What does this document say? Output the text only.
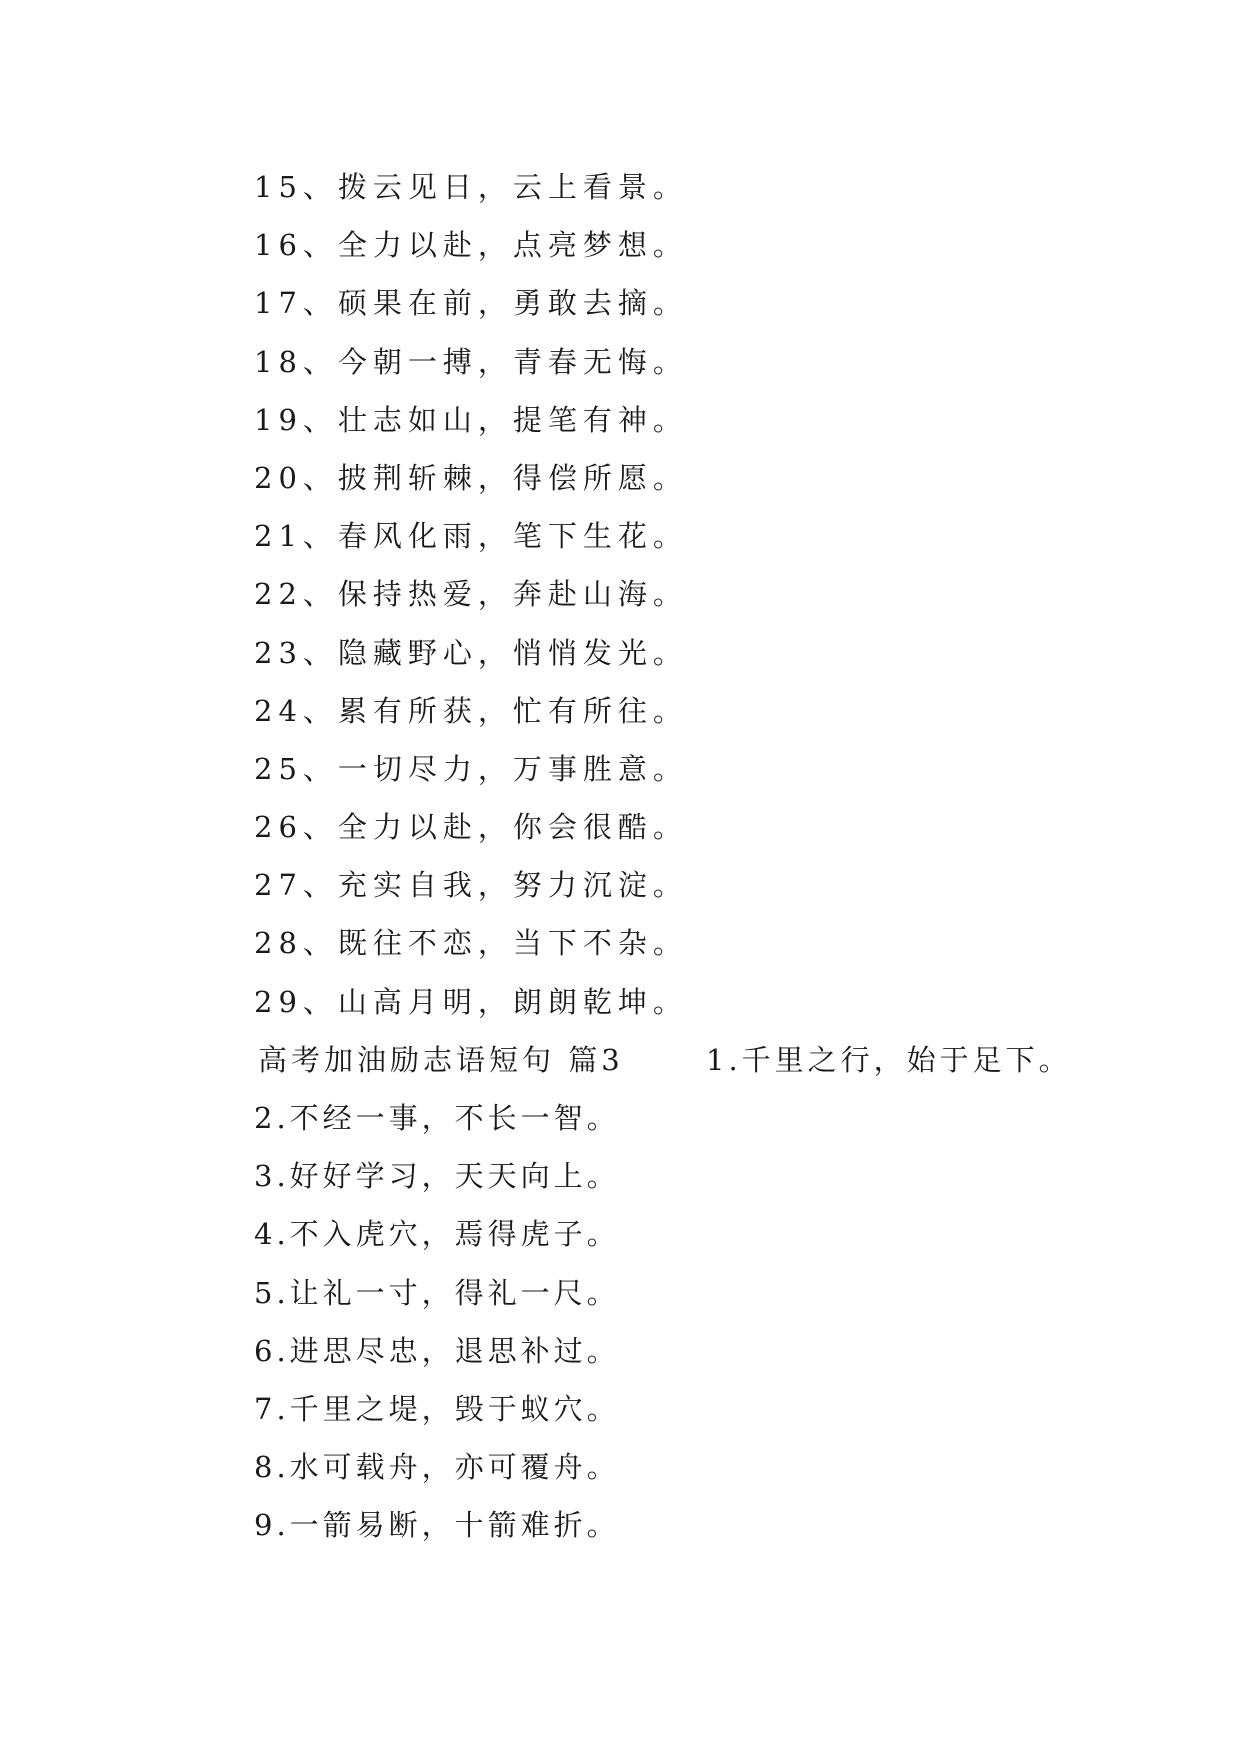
15、拨云见日，云上看景。
16、全力以赴，点亮梦想。
17、硕果在前，勇敢去摘。
18、今朝一搏，青春无悔。
19、壮志如山，提笔有神。
20、披荆斩棘，得偿所愿。
21、春风化雨，笔下生花。
22、保持热爱，奔赴山海。
23、隐藏野心，悄悄发光。
24、累有所获，忙有所往。
25、一切尽力，万事胜意。
26、全力以赴，你会很酷。
27、充实自我，努力沉淀。
28、既往不恋，当下不杂。
29、山高月明，朗朗乾坤。
高考加油励志语短句 篇3	1.千里之行，始于足下。
2.不经一事，不长一智。
3.好好学习，天天向上。
4.不入虎穴，焉得虎子。
5.让礼一寸，得礼一尺。
6.进思尽忠，退思补过。
7.千里之堤，毁于蚁穴。
8.水可载舟，亦可覆舟。
9.一箭易断，十箭难折。
